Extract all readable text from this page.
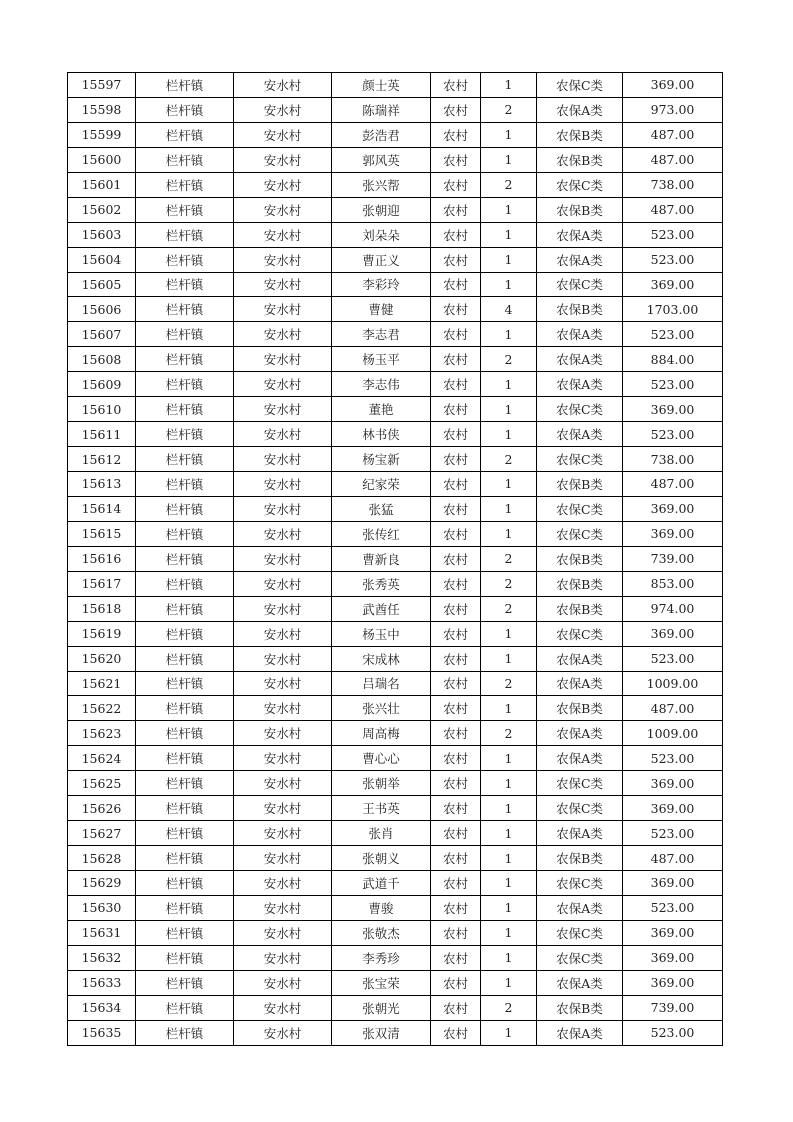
15597	栏杆镇	安水村	颜士英	农村	1	农保C类	369.00
15598	栏杆镇	安水村	陈瑞祥	农村	2	农保A类	973.00
15599	栏杆镇	安水村	彭浩君	农村	1	农保B类	487.00
15600	栏杆镇	安水村	郭风英	农村	1	农保B类	487.00
15601	栏杆镇	安水村	张兴帮	农村	2	农保C类	738.00
15602	栏杆镇	安水村	张朝迎	农村	1	农保B类	487.00
15603	栏杆镇	安水村	刘朵朵	农村	1	农保A类	523.00
15604	栏杆镇	安水村	曹正义	农村	1	农保A类	523.00
15605	栏杆镇	安水村	李彩玲	农村	1	农保C类	369.00
15606	栏杆镇	安水村	曹健	农村	4	农保B类	1703.00
15607	栏杆镇	安水村	李志君	农村	1	农保A类	523.00
15608	栏杆镇	安水村	杨玉平	农村	2	农保A类	884.00
15609	栏杆镇	安水村	李志伟	农村	1	农保A类	523.00
15610	栏杆镇	安水村	董艳	农村	1	农保C类	369.00
15611	栏杆镇	安水村	林书侠	农村	1	农保A类	523.00
15612	栏杆镇	安水村	杨宝新	农村	2	农保C类	738.00
15613	栏杆镇	安水村	纪家荣	农村	1	农保B类	487.00
15614	栏杆镇	安水村	张猛	农村	1	农保C类	369.00
15615	栏杆镇	安水村	张传红	农村	1	农保C类	369.00
15616	栏杆镇	安水村	曹新良	农村	2	农保B类	739.00
15617	栏杆镇	安水村	张秀英	农村	2	农保B类	853.00
15618	栏杆镇	安水村	武酋任	农村	2	农保B类	974.00
15619	栏杆镇	安水村	杨玉中	农村	1	农保C类	369.00
15620	栏杆镇	安水村	宋成林	农村	1	农保A类	523.00
15621	栏杆镇	安水村	吕瑞名	农村	2	农保A类	1009.00
15622	栏杆镇	安水村	张兴壮	农村	1	农保B类	487.00
15623	栏杆镇	安水村	周高梅	农村	2	农保A类	1009.00
15624	栏杆镇	安水村	曹心心	农村	1	农保A类	523.00
15625	栏杆镇	安水村	张朝举	农村	1	农保C类	369.00
15626	栏杆镇	安水村	王书英	农村	1	农保C类	369.00
15627	栏杆镇	安水村	张肖	农村	1	农保A类	523.00
15628	栏杆镇	安水村	张朝义	农村	1	农保B类	487.00
15629	栏杆镇	安水村	武道千	农村	1	农保C类	369.00
15630	栏杆镇	安水村	曹骏	农村	1	农保A类	523.00
15631	栏杆镇	安水村	张敬杰	农村	1	农保C类	369.00
15632	栏杆镇	安水村	李秀珍	农村	1	农保C类	369.00
15633	栏杆镇	安水村	张宝荣	农村	1	农保A类	369.00
15634	栏杆镇	安水村	张朝光	农村	2	农保B类	739.00
15635	栏杆镇	安水村	张双清	农村	1	农保A类	523.00
